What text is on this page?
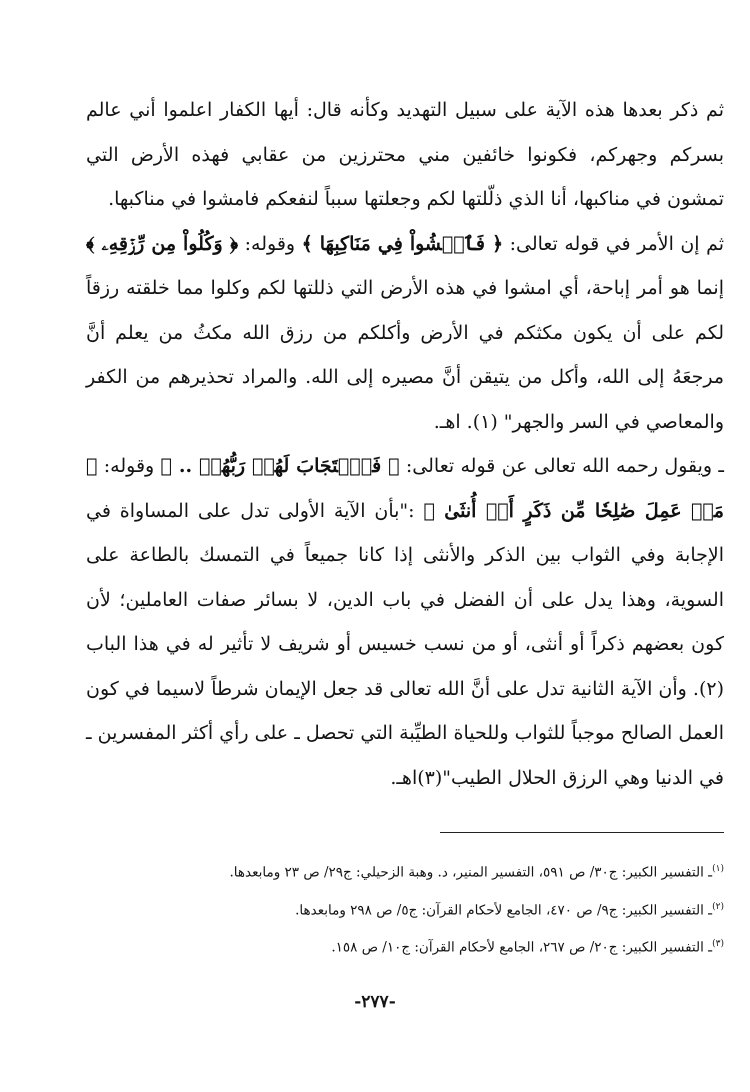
ثم ذكر بعدها هذه الآية على سبيل التهديد وكأنه قال: أيها الكفار اعلموا أني عالم بسركم وجهركم، فكونوا خائفين مني محترزين من عقابي فهذه الأرض التي تمشون في مناكبها، أنا الذي ذلّلتها لكم وجعلتها سبباً لنفعكم فامشوا في مناكبها.

ثم إن الأمر في قوله تعالى: ﴿ فَٱمۡشُواْ فِي مَنَاكِبِهَا ﴾ وقوله: ﴿ وَكُلُواْ مِن رِّزۡقِهِۦ ﴾ إنما هو أمر إباحة، أي امشوا في هذه الأرض التي ذللتها لكم وكلوا مما خلقته رزقاً لكم على أن يكون مكثكم في الأرض وأكلكم من رزق الله مكثُ من يعلم أنَّ مرجعَهُ إلى الله، وأكل من يتيقن أنَّ مصيره إلى الله. والمراد تحذيرهم من الكفر والمعاصي في السر والجهر" (١). اهـ.

ـ ويقول رحمه الله تعالى عن قوله تعالى: ﴿ فَٱسۡتَجَابَ لَهُمۡ رَبُّهُمۡ .. ﴾ وقوله: ﴿ مَنۡ عَمِلَ صَٰلِحٗا مِّن ذَكَرٍ أَوۡ أُنثَىٰ ﴾ :"بأن الآية الأولى تدل على المساواة في الإجابة وفي الثواب بين الذكر والأنثى إذا كانا جميعاً في التمسك بالطاعة على السوية، وهذا يدل على أن الفضل في باب الدين، لا بسائر صفات العاملين؛ لأن كون بعضهم ذكراً أو أنثى، أو من نسب خسيس أو شريف لا تأثير له في هذا الباب (٢). وأن الآية الثانية تدل على أنَّ الله تعالى قد جعل الإيمان شرطاً لاسيما في كون العمل الصالح موجباً للثواب وللحياة الطيِّبة التي تحصل ـ على رأي أكثر المفسرين ـ في الدنيا وهي الرزق الحلال الطيب"(٣)اهـ.

$^{(١)}$ـ التفسير الكبير: ج٣٠/ ص ٥٩١، التفسير المنير، د. وهبة الزحيلي: ج٢٩/ ص ٢٣ ومابعدها.

$^{(٢)}$ـ التفسير الكبير: ج٩/ ص ٤٧٠، الجامع لأحكام القرآن: ج٥/ ص ٢٩٨ ومابعدها.

$^{(٣)}$ـ التفسير الكبير: ج٢٠/ ص ٢٦٧، الجامع لأحكام القرآن: ج١٠/ ص ١٥٨.

-٢٧٧-
